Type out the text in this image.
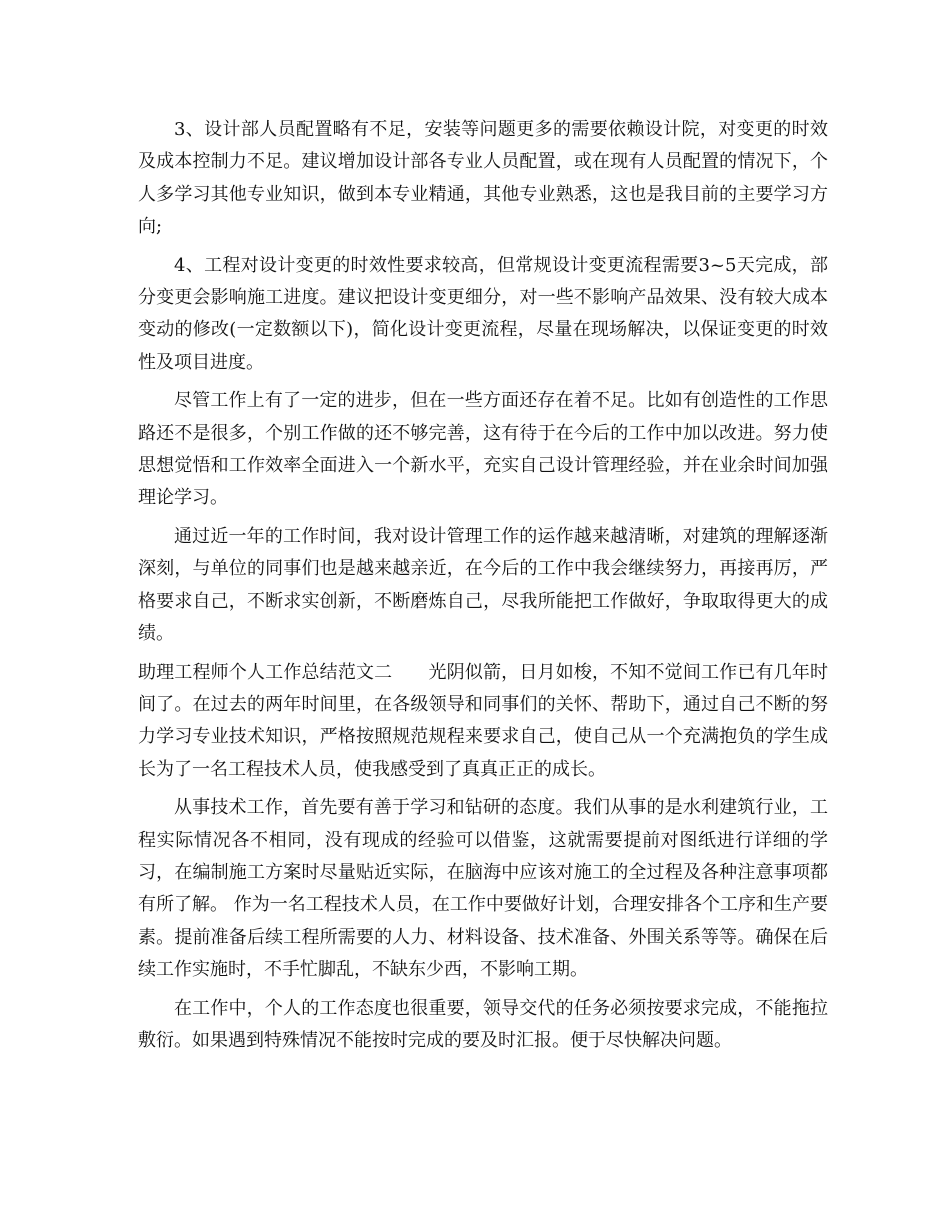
3、设计部人员配置略有不足，安装等问题更多的需要依赖设计院，对变更的时效及成本控制力不足。建议增加设计部各专业人员配置，或在现有人员配置的情况下，个人多学习其他专业知识，做到本专业精通，其他专业熟悉，这也是我目前的主要学习方向;

4、工程对设计变更的时效性要求较高，但常规设计变更流程需要3~5天完成，部分变更会影响施工进度。建议把设计变更细分，对一些不影响产品效果、没有较大成本变动的修改(一定数额以下)，简化设计变更流程，尽量在现场解决，以保证变更的时效性及项目进度。

尽管工作上有了一定的进步，但在一些方面还存在着不足。比如有创造性的工作思路还不是很多，个别工作做的还不够完善，这有待于在今后的工作中加以改进。努力使思想觉悟和工作效率全面进入一个新水平，充实自己设计管理经验，并在业余时间加强理论学习。

通过近一年的工作时间，我对设计管理工作的运作越来越清晰，对建筑的理解逐渐深刻，与单位的同事们也是越来越亲近，在今后的工作中我会继续努力，再接再厉，严格要求自己，不断求实创新，不断磨炼自己，尽我所能把工作做好，争取取得更大的成绩。

助理工程师个人工作总结范文二 光阴似箭，日月如梭，不知不觉间工作已有几年时间了。在过去的两年时间里，在各级领导和同事们的关怀、帮助下，通过自己不断的努力学习专业技术知识，严格按照规范规程来要求自己，使自己从一个充满抱负的学生成长为了一名工程技术人员，使我感受到了真真正正的成长。

从事技术工作，首先要有善于学习和钻研的态度。我们从事的是水利建筑行业，工程实际情况各不相同，没有现成的经验可以借鉴，这就需要提前对图纸进行详细的学习，在编制施工方案时尽量贴近实际，在脑海中应该对施工的全过程及各种注意事项都有所了解。 作为一名工程技术人员，在工作中要做好计划，合理安排各个工序和生产要素。提前准备后续工程所需要的人力、材料设备、技术准备、外围关系等等。确保在后续工作实施时，不手忙脚乱，不缺东少西，不影响工期。

在工作中，个人的工作态度也很重要，领导交代的任务必须按要求完成，不能拖拉敷衍。如果遇到特殊情况不能按时完成的要及时汇报。便于尽快解决问题。
